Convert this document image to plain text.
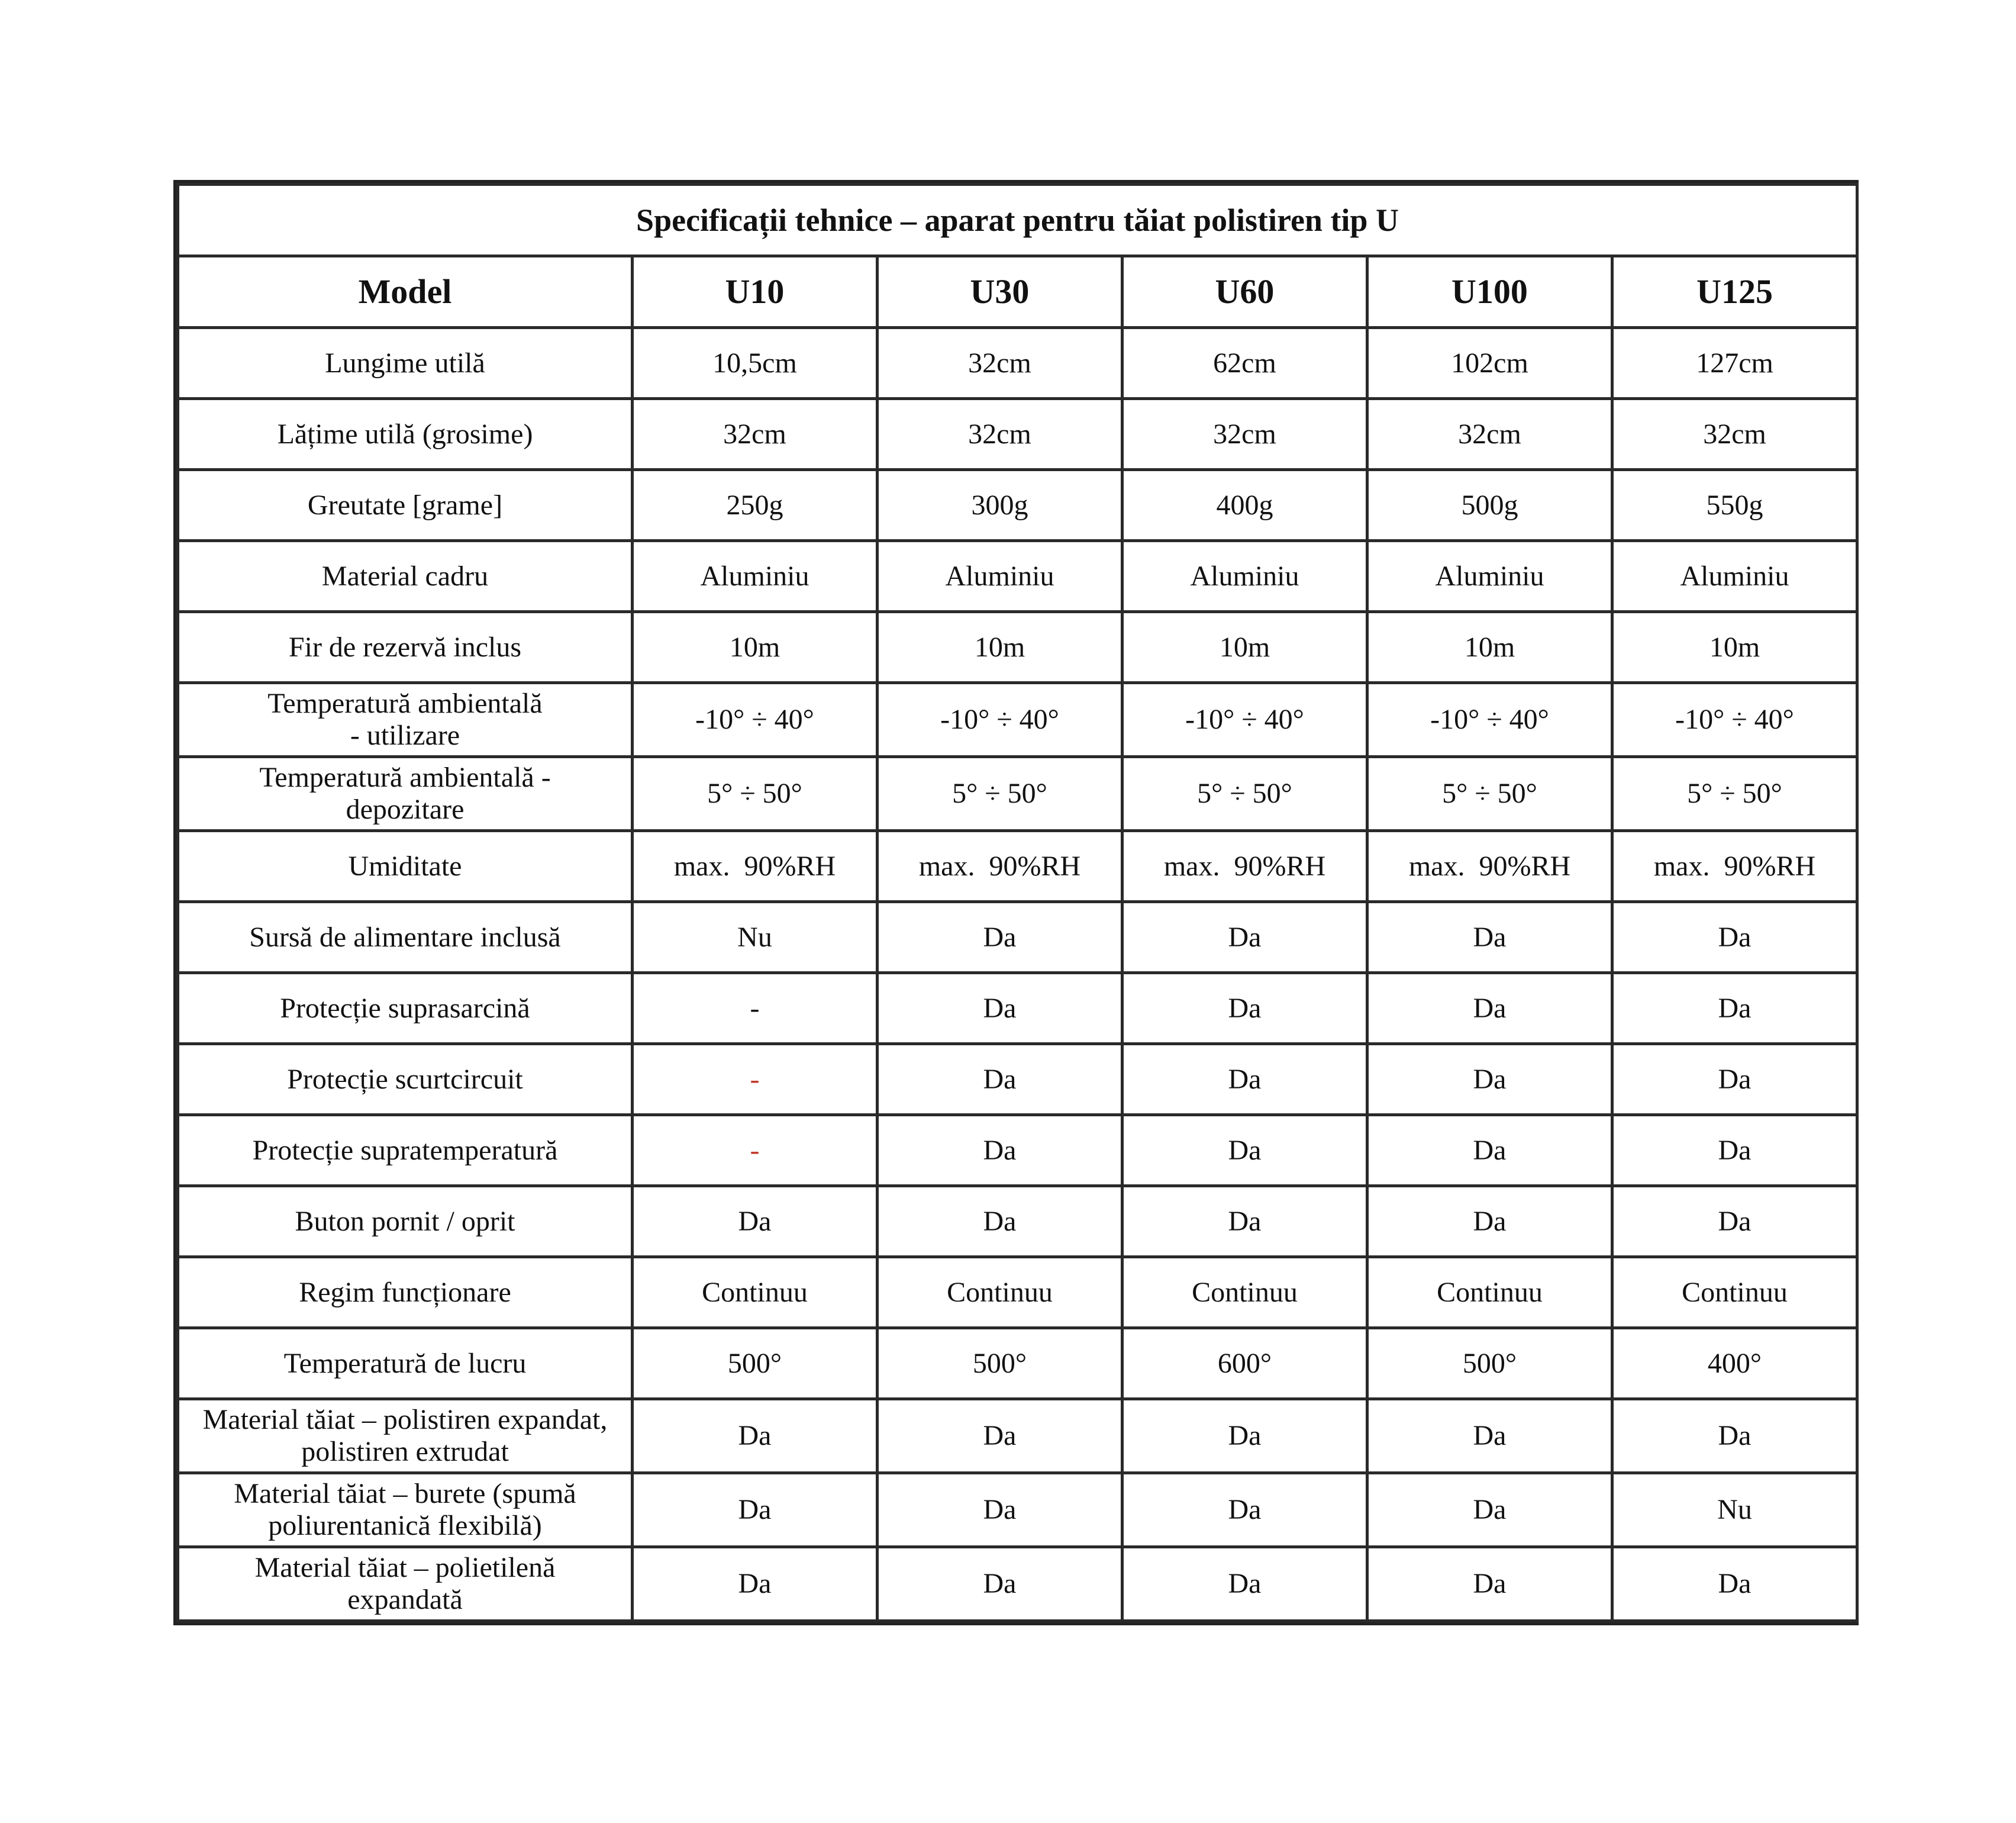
Specificații tehnice – aparat pentru tăiat polistiren tip U					
Model	U10	U30	U60	U100	U125
Lungime utilă	10,5cm	32cm	62cm	102cm	127cm
Lățime utilă (grosime)	32cm	32cm	32cm	32cm	32cm
Greutate [grame]	250g	300g	400g	500g	550g
Material cadru	Aluminiu	Aluminiu	Aluminiu	Aluminiu	Aluminiu
Fir de rezervă inclus	10m	10m	10m	10m	10m
Temperatură ambientală
- utilizare	-10° ÷ 40°	-10° ÷ 40°	-10° ÷ 40°	-10° ÷ 40°	-10° ÷ 40°
Temperatură ambientală -
depozitare	5° ÷ 50°	5° ÷ 50°	5° ÷ 50°	5° ÷ 50°	5° ÷ 50°
Umiditate	max.  90%RH	max.  90%RH	max.  90%RH	max.  90%RH	max.  90%RH
Sursă de alimentare inclusă	Nu	Da	Da	Da	Da
Protecție suprasarcină	-	Da	Da	Da	Da
Protecție scurtcircuit	-	Da	Da	Da	Da
Protecție supratemperatură	-	Da	Da	Da	Da
Buton pornit / oprit	Da	Da	Da	Da	Da
Regim funcționare	Continuu	Continuu	Continuu	Continuu	Continuu
Temperatură de lucru	500°	500°	600°	500°	400°
Material tăiat – polistiren expandat,
polistiren extrudat	Da	Da	Da	Da	Da
Material tăiat – burete (spumă
poliurentanică flexibilă)	Da	Da	Da	Da	Nu
Material tăiat – polietilenă
expandată	Da	Da	Da	Da	Da
